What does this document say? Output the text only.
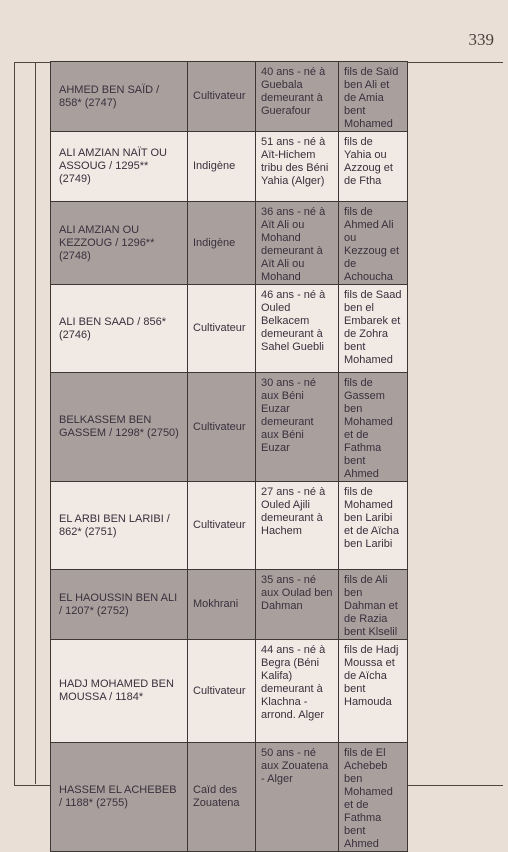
339
AHMED BEN SAÏD / 858* (2747)	Cultivateur	40 ans - né à Guebala demeurant à Guerafour	fils de Saïd ben Ali et de Amia bent Mohamed
ALI AMZIAN NAÏT OU ASSOUG / 1295** (2749)	Indigène	51 ans - né à Aït-Hichem tribu des Béni Yahia (Alger)	fils de Yahia ou Azzoug et de Ftha
ALI AMZIAN OU KEZZOUG / 1296** (2748)	Indigène	36 ans - né à Aït Ali ou Mohand demeurant à Aït Ali ou Mohand	fils de Ahmed Ali ou Kezzoug et de Achoucha
ALI BEN SAAD / 856* (2746)	Cultivateur	46 ans - né à Ouled Belkacem demeurant à Sahel Guebli	fils de Saad ben el Embarek et de Zohra bent Mohamed
BELKASSEM BEN GASSEM / 1298* (2750)	Cultivateur	30 ans - né aux Béni Euzar demeurant aux Béni Euzar	fils de Gassem ben Mohamed et de Fathma bent Ahmed
EL ARBI BEN LARIBI / 862* (2751)	Cultivateur	27 ans - né à Ouled Ajili demeurant à Hachem	fils de Mohamed ben Laribi et de Aïcha ben Laribi
EL HAOUSSIN BEN ALI / 1207* (2752)	Mokhrani	35 ans - né aux Oulad ben Dahman	fils de Ali ben Dahman et de Razia bent Klselil
HADJ MOHAMED BEN MOUSSA / 1184*	Cultivateur	44 ans - né à Begra (Béni Kalifa) demeurant à Klachna - arrond. Alger	fils de Hadj Moussa et de Aïcha bent Hamouda
HASSEM EL ACHEBEB / 1188* (2755)	Caïd des Zouatena	50 ans - né aux Zouatena - Alger	fils de El Achebeb ben Mohamed et de Fathma bent Ahmed
